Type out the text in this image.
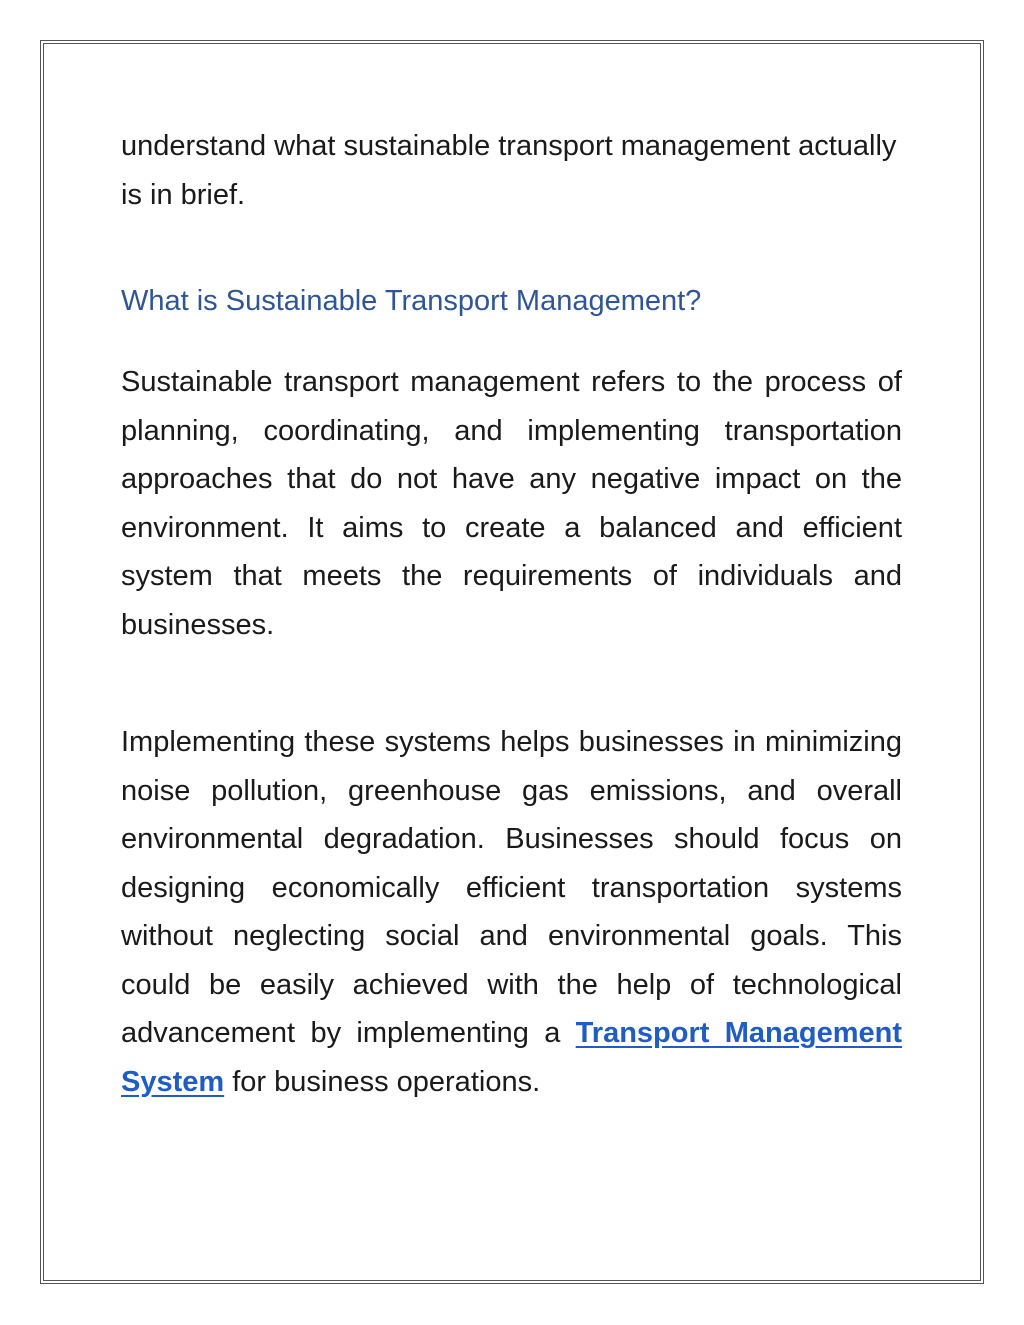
understand what sustainable transport management actually is in brief.

What is Sustainable Transport Management?

Sustainable transport management refers to the process of planning, coordinating, and implementing transportation approaches that do not have any negative impact on the environment. It aims to create a balanced and efficient system that meets the requirements of individuals and businesses.

Implementing these systems helps businesses in minimizing noise pollution, greenhouse gas emissions, and overall environmental degradation. Businesses should focus on designing economically efficient transportation systems without neglecting social and environmental goals. This could be easily achieved with the help of technological advancement by implementing a Transport Management System for business operations.
